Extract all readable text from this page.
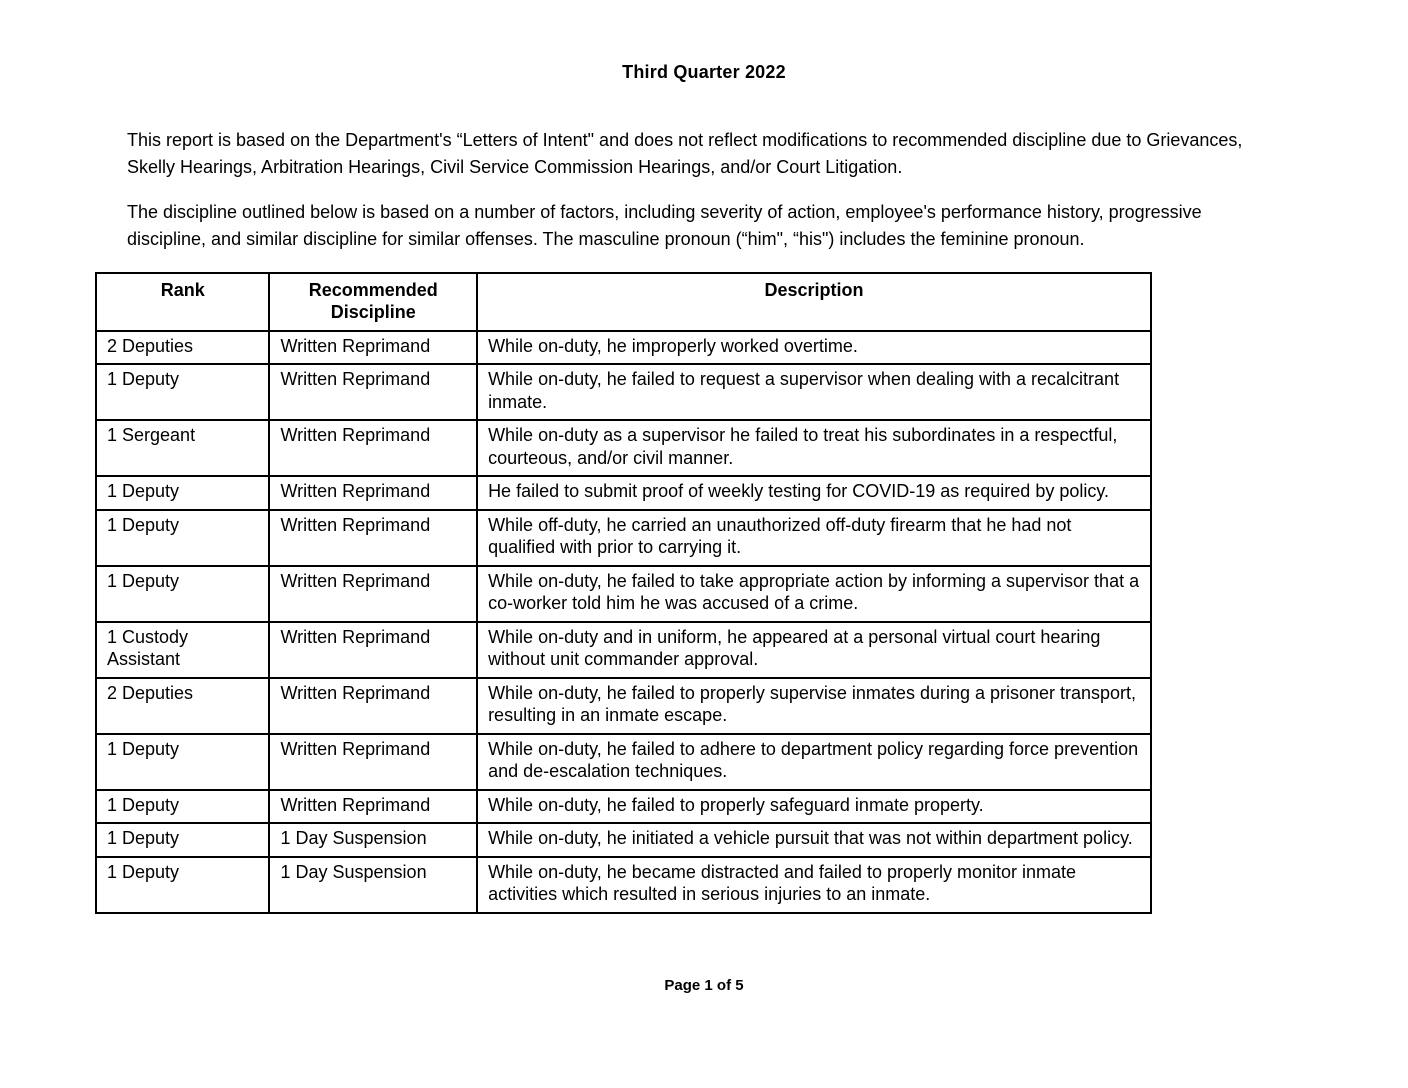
Third Quarter 2022

This report is based on the Department's “Letters of Intent" and does not reflect modifications to recommended discipline due to Grievances, Skelly Hearings, Arbitration Hearings, Civil Service Commission Hearings, and/or Court Litigation.

The discipline outlined below is based on a number of factors, including severity of action, employee's performance history, progressive discipline, and similar discipline for similar offenses. The masculine pronoun (“him", “his") includes the feminine pronoun.

Rank	Recommended Discipline	Description
2 Deputies	Written Reprimand	While on-duty, he improperly worked overtime.
1 Deputy	Written Reprimand	While on-duty, he failed to request a supervisor when dealing with a recalcitrant inmate.
1 Sergeant	Written Reprimand	While on-duty as a supervisor he failed to treat his subordinates in a respectful, courteous, and/or civil manner.
1 Deputy	Written Reprimand	He failed to submit proof of weekly testing for COVID-19 as required by policy.
1 Deputy	Written Reprimand	While off-duty, he carried an unauthorized off-duty firearm that he had not qualified with prior to carrying it.
1 Deputy	Written Reprimand	While on-duty, he failed to take appropriate action by informing a supervisor that a co-worker told him he was accused of a crime.
1 Custody Assistant	Written Reprimand	While on-duty and in uniform, he appeared at a personal virtual court hearing without unit commander approval.
2 Deputies	Written Reprimand	While on-duty, he failed to properly supervise inmates during a prisoner transport, resulting in an inmate escape.
1 Deputy	Written Reprimand	While on-duty, he failed to adhere to department policy regarding force prevention and de-escalation techniques.
1 Deputy	Written Reprimand	While on-duty, he failed to properly safeguard inmate property.
1 Deputy	1 Day Suspension	While on-duty, he initiated a vehicle pursuit that was not within department policy.
1 Deputy	1 Day Suspension	While on-duty, he became distracted and failed to properly monitor inmate activities which resulted in serious injuries to an inmate.
Page 1 of 5
